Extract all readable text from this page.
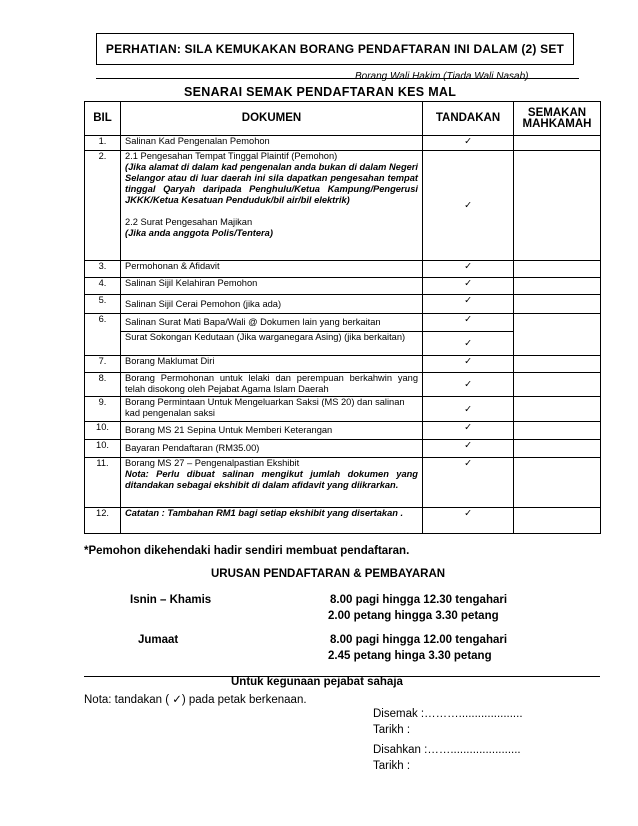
PERHATIAN: SILA KEMUKAKAN BORANG PENDAFTARAN INI DALAM (2) SET
Borang Wali Hakim (Tiada Wali Nasab)
SENARAI SEMAK PENDAFTARAN KES MAL
BIL	DOKUMEN	TANDAKAN	SEMAKAN MAHKAMAH
1.	Salinan Kad Pengenalan Pemohon	✓	
2.	2.1 Pengesahan Tempat Tinggal Plaintif (Pemohon)
(Jika alamat di dalam kad pengenalan anda bukan di dalam Negeri Selangor atau di luar daerah ini sila dapatkan pengesahan tempat tinggal Qaryah daripada Penghulu/Ketua Kampung/Pengerusi JKKK/Ketua Kesatuan Penduduk/bil air/bil elektrik)
2.2 Surat Pengesahan Majikan
(Jika anda anggota Polis/Tentera)	✓	
3.	Permohonan & Afidavit	✓	
4.	Salinan Sijil Kelahiran Pemohon	✓	
5.	Salinan Sijil Cerai Pemohon (jika ada)	✓	
6.	Salinan Surat Mati Bapa/Wali @ Dokumen lain yang berkaitan	✓	
	Surat Sokongan Kedutaan (Jika warganegara Asing) (jika berkaitan)	✓	
7.	Borang Maklumat Diri	✓	
8.	Borang Permohonan untuk lelaki dan perempuan berkahwin yang telah disokong oleh Pejabat Agama Islam Daerah	✓	
9.	Borang Permintaan Untuk Mengeluarkan Saksi (MS 20) dan salinan kad pengenalan saksi	✓	
10.	Borang MS 21 Sepina Untuk Memberi Keterangan	✓	
10.	Bayaran Pendaftaran (RM35.00)	✓	
11.	Borang MS 27 – Pengenalpastian Ekshibit
Nota: Perlu dibuat salinan mengikut jumlah dokumen yang ditandakan sebagai ekshibit di dalam afidavit yang diikrarkan.	✓	
12.	Catatan : Tambahan RM1 bagi setiap ekshibit yang disertakan .	✓	
*Pemohon dikehendaki hadir sendiri membuat pendaftaran.
URUSAN PENDAFTARAN & PEMBAYARAN
Isnin – Khamis	8.00 pagi hingga 12.30 tengahari
2.00 petang hingga 3.30 petang
Jumaat	8.00 pagi hingga 12.00 tengahari
2.45 petang hinga 3.30 petang
Untuk kegunaan pejabat sahaja
Nota: tandakan ( ✓) pada petak berkenaan.
Disemak :………....................
Tarikh :
Disahkan :……......................
Tarikh :
